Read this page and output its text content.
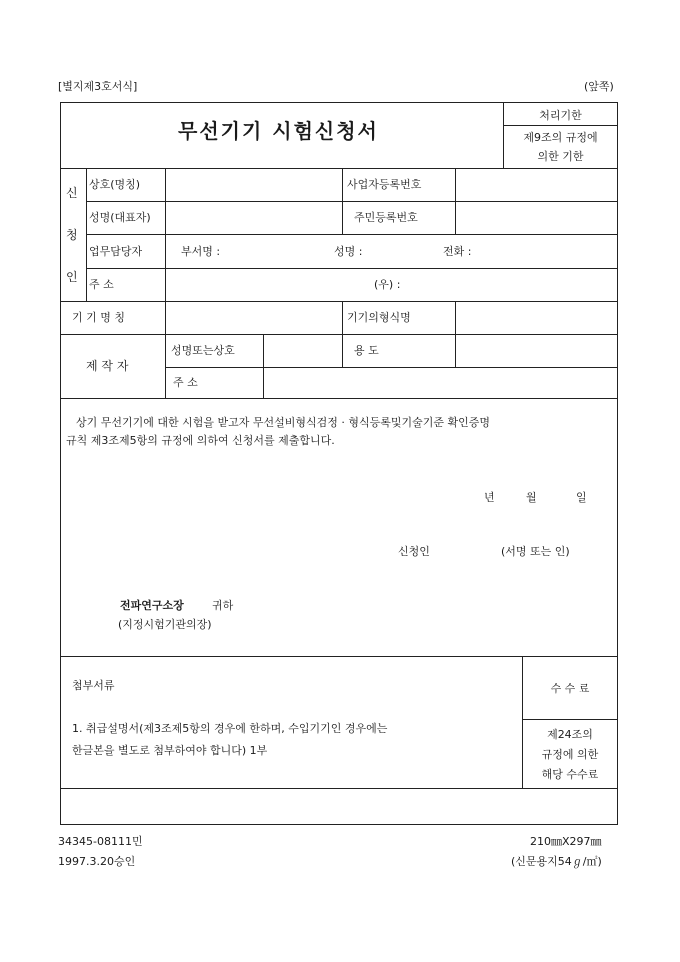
[별지제3호서식]	(앞쪽)
무선기기 시험신청서
처리기한
제9조의 규정에
의한 기한
신
청
인
상호(명칭)	사업자등록번호
성명(대표자)	주민등록번호
업무담당자	부서명 :	성명 :	전화 :
주 소	(우) :
기 기 명 칭	기기의형식명
제 작 자
성명또는상호	용 도
주 소
상기 무선기기에 대한 시험을 받고자 무선설비형식검정 · 형식등록및기술기준 확인증명
규칙 제3조제5항의 규정에 의하여 신청서를 제출합니다.
년	월	일
신청인	(서명 또는 인)
전파연구소장	귀하
(지정시험기관의장)
첨부서류
1. 취급설명서(제3조제5항의 경우에 한하며, 수입기기인 경우에는
한글본을 별도로 첨부하여야 합니다) 1부
수 수 료
제24조의
규정에 의한
해당 수수료
34345-08111민
1997.3.20승인
210㎜X297㎜
(신문용지54ℊ/㎡)
